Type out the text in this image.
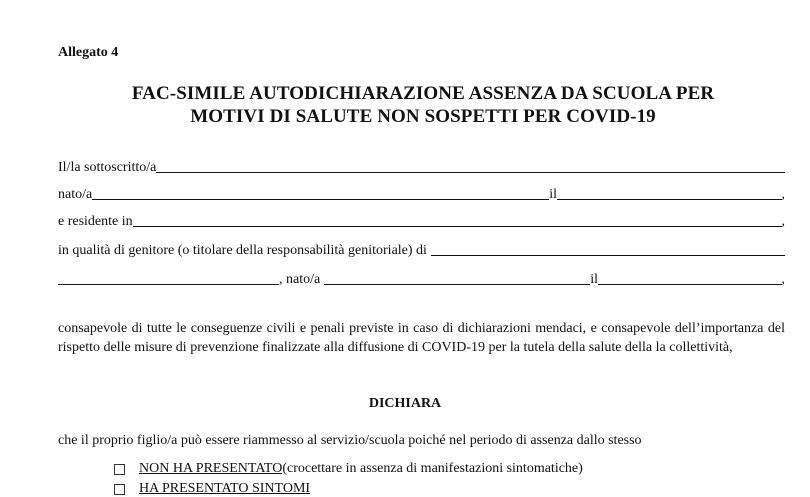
Allegato 4
FAC-SIMILE AUTODICHIARAZIONE ASSENZA DA SCUOLA PER
MOTIVI DI SALUTE NON SOSPETTI PER COVID-19
Il/la sottoscritto/a
nato/a	il	,
e residente in	,
in qualità di genitore (o titolare della responsabilità genitoriale) di
, nato/a	il	,
consapevole di tutte le conseguenze civili e penali previste in caso di dichiarazioni mendaci, e consapevole dell’importanza del rispetto delle misure di prevenzione finalizzate alla diffusione di COVID-19 per la tutela della salute della la collettività,
DICHIARA
che il proprio figlio/a può essere riammesso al servizio/scuola poiché nel periodo di assenza dallo stesso
NON HA PRESENTATO (crocettare in assenza di manifestazioni sintomatiche)
HA PRESENTATO SINTOMI
